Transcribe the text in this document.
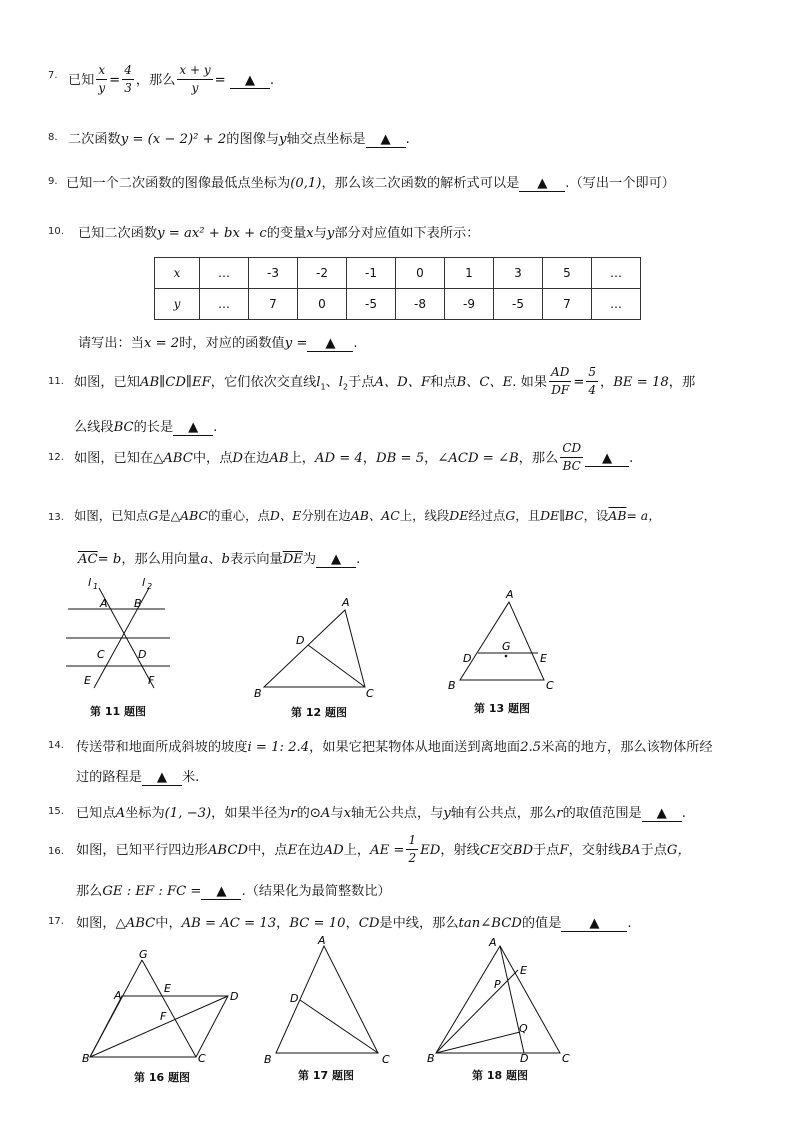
7. 已知 $\frac{x}{y} = \frac{4}{3}$ ，那么 $\frac{x + y}{y}$ = ▲ .
8. 二次函数y = (x − 2)² + 2的图像与y轴交点坐标是 ▲ .
9. 已知一个二次函数的图像最低点坐标为(0,1)，那么该二次函数的解析式可以是 ▲ .（写出一个即可）
10. 已知二次函数y = ax² + bx + c的变量x与y部分对应值如下表所示：
x	…	-3	-2	-1	0	1	3	5	…
y	…	7	0	-5	-8	-9	-5	7	…
请写出：当x = 2时，对应的函数值y = ▲ .
11. 如图，已知AB∥CD∥EF，它们依次交直线$l_1$、$l_2$于点A、D、F和点B、C、E. 如果 $\frac{AD}{DF} = \frac{5}{4}$ ，BE = 18，那
么线段BC的长是 ▲ .
12. 如图，已知在△ABC中，点D在边AB上，AD = 4，DB = 5，∠ACD = ∠B，那么 $\frac{CD}{BC}$ ▲ .
13. 如图，已知点G是△ABC的重心，点D、E分别在边AB、AC上，线段DE经过点G，且DE∥BC，设$\overline{AB}= a$，
$\overline{AC}= b$，那么用向量a、b表示向量$\overline{DE}$为 ▲ .
l 1	l 2
A B
C	D
E	F
第 11 题图
A
D
B	C
第 12 题图
A
G
D	E
B	C
第 13 题图
14. 传送带和地面所成斜坡的坡度i = 1: 2.4，如果它把某物体从地面送到离地面2.5米高的地方，那么该物体所经
过的路程是 ▲ 米.
15. 已知点A坐标为(1, −3)，如果半径为r的⊙A与x轴无公共点，与y轴有公共点，那么r的取值范围是 ▲ .
16. 如图，已知平行四边形ABCD中，点E在边AD上，AE = $\frac{1}{2}$ ED，射线CE交BD于点F，交射线BA于点G，
那么GE : EF : FC = ▲ .（结果化为最简整数比）
17. 如图，△ABC中，AB = AC = 13，BC = 10，CD是中线，那么tan∠BCD的值是 ▲ .
G
A
E
D
F
B	C
第 16 题图
A
D
B	C
第 17 题图
A
E
P
Q
B	D	C
第 18 题图
